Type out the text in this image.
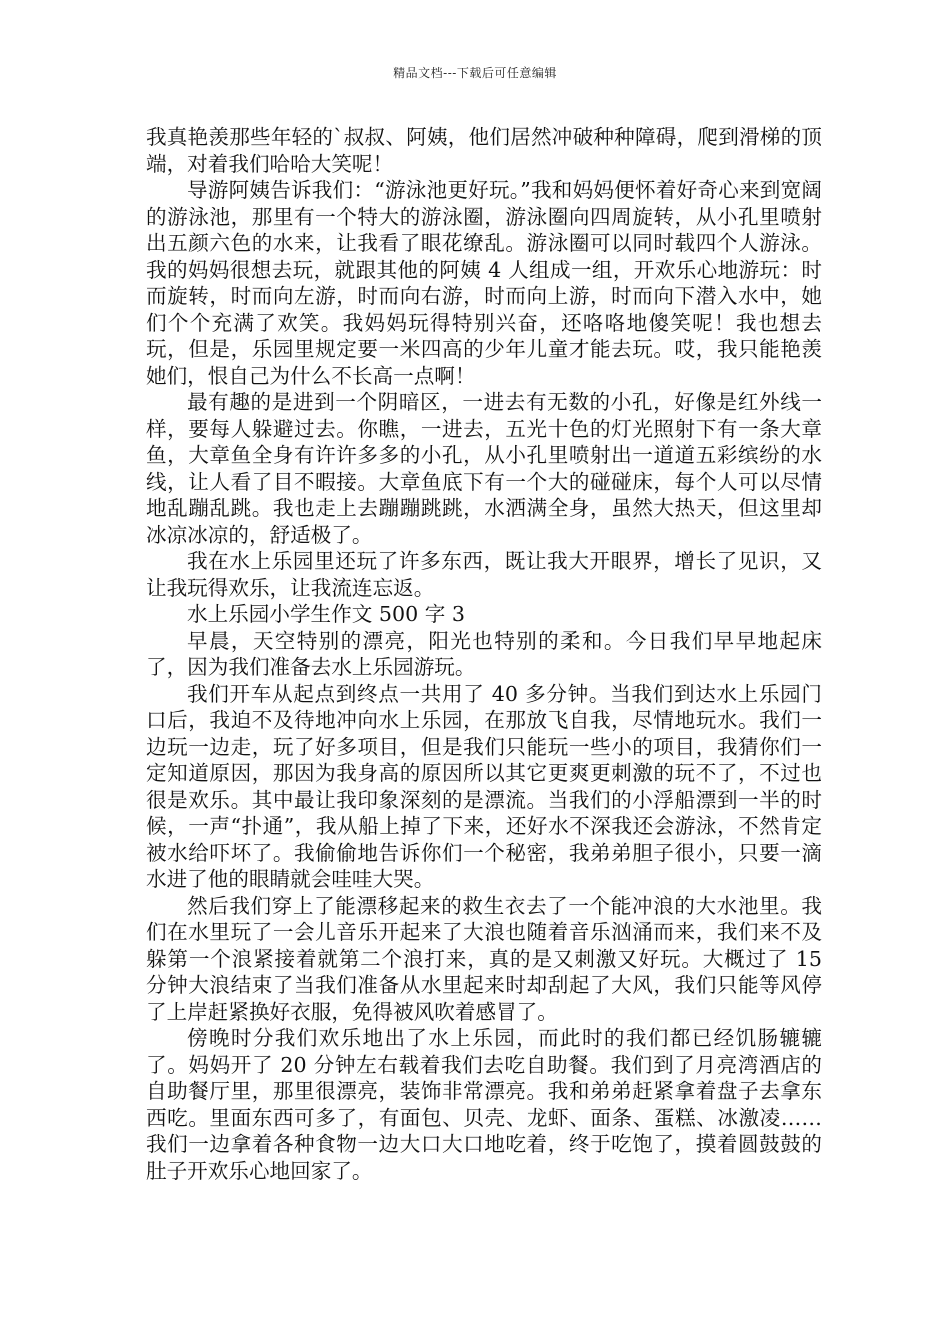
精品文档---下载后可任意编辑

我真艳羡那些年轻的`叔叔、阿姨，他们居然冲破种种障碍，爬到滑梯的顶端，对着我们哈哈大笑呢！

导游阿姨告诉我们：“游泳池更好玩。”我和妈妈便怀着好奇心来到宽阔的游泳池，那里有一个特大的游泳圈，游泳圈向四周旋转，从小孔里喷射出五颜六色的水来，让我看了眼花缭乱。游泳圈可以同时载四个人游泳。我的妈妈很想去玩，就跟其他的阿姨 4 人组成一组，开欢乐心地游玩：时而旋转，时而向左游，时而向右游，时而向上游，时而向下潜入水中，她们个个充满了欢笑。我妈妈玩得特别兴奋，还咯咯地傻笑呢！我也想去玩，但是，乐园里规定要一米四高的少年儿童才能去玩。哎，我只能艳羡她们，恨自己为什么不长高一点啊！

最有趣的是进到一个阴暗区，一进去有无数的小孔，好像是红外线一样，要每人躲避过去。你瞧，一进去，五光十色的灯光照射下有一条大章鱼，大章鱼全身有许许多多的小孔，从小孔里喷射出一道道五彩缤纷的水线，让人看了目不暇接。大章鱼底下有一个大的碰碰床，每个人可以尽情地乱蹦乱跳。我也走上去蹦蹦跳跳，水洒满全身，虽然大热天，但这里却冰凉冰凉的，舒适极了。

我在水上乐园里还玩了许多东西，既让我大开眼界，增长了见识，又让我玩得欢乐，让我流连忘返。

水上乐园小学生作文 500 字 3

早晨，天空特别的漂亮，阳光也特别的柔和。今日我们早早地起床了，因为我们准备去水上乐园游玩。

我们开车从起点到终点一共用了 40 多分钟。当我们到达水上乐园门口后，我迫不及待地冲向水上乐园，在那放飞自我，尽情地玩水。我们一边玩一边走，玩了好多项目，但是我们只能玩一些小的项目，我猜你们一定知道原因，那因为我身高的原因所以其它更爽更刺激的玩不了，不过也很是欢乐。其中最让我印象深刻的是漂流。当我们的小浮船漂到一半的时候，一声“扑通”，我从船上掉了下来，还好水不深我还会游泳，不然肯定被水给吓坏了。我偷偷地告诉你们一个秘密，我弟弟胆子很小，只要一滴水进了他的眼睛就会哇哇大哭。

然后我们穿上了能漂移起来的救生衣去了一个能冲浪的大水池里。我们在水里玩了一会儿音乐开起来了大浪也随着音乐汹涌而来，我们来不及躲第一个浪紧接着就第二个浪打来，真的是又刺激又好玩。大概过了 15 分钟大浪结束了当我们准备从水里起来时却刮起了大风，我们只能等风停了上岸赶紧换好衣服，免得被风吹着感冒了。

傍晚时分我们欢乐地出了水上乐园，而此时的我们都已经饥肠辘辘了。妈妈开了 20 分钟左右载着我们去吃自助餐。我们到了月亮湾酒店的自助餐厅里，那里很漂亮，装饰非常漂亮。我和弟弟赶紧拿着盘子去拿东西吃。里面东西可多了，有面包、贝壳、龙虾、面条、蛋糕、冰激凌……我们一边拿着各种食物一边大口大口地吃着，终于吃饱了，摸着圆鼓鼓的肚子开欢乐心地回家了。
